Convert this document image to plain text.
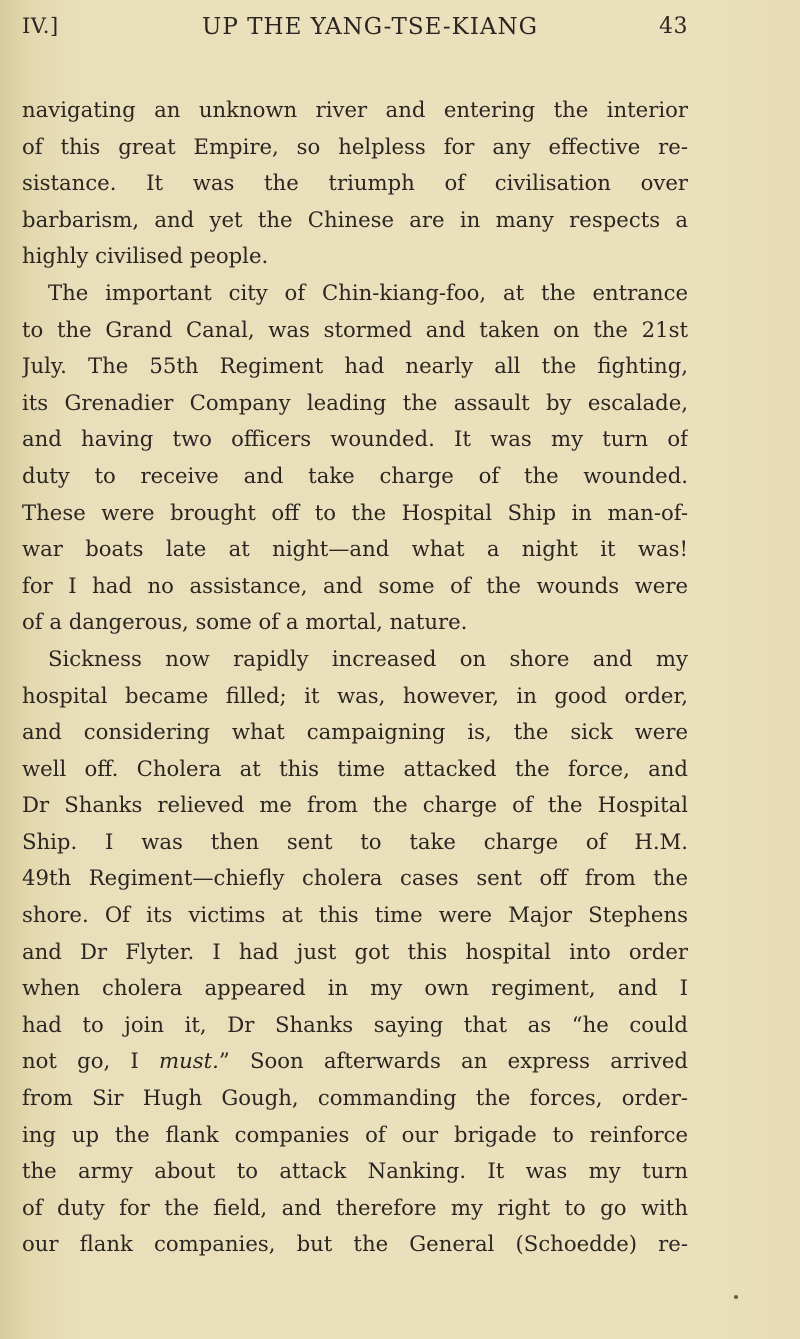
IV.]	UP THE YANG-TSE-KIANG	43
navigating an unknown river and entering the interior
of this great Empire, so helpless for any effective re-
sistance. It was the triumph of civilisation over
barbarism, and yet the Chinese are in many respects a
highly civilised people.
The important city of Chin-kiang-foo, at the entrance
to the Grand Canal, was stormed and taken on the 21st
July. The 55th Regiment had nearly all the fighting,
its Grenadier Company leading the assault by escalade,
and having two officers wounded. It was my turn of
duty to receive and take charge of the wounded.
These were brought off to the Hospital Ship in man-of-
war boats late at night—and what a night it was!
for I had no assistance, and some of the wounds were
of a dangerous, some of a mortal, nature.
Sickness now rapidly increased on shore and my
hospital became filled; it was, however, in good order,
and considering what campaigning is, the sick were
well off. Cholera at this time attacked the force, and
Dr Shanks relieved me from the charge of the Hospital
Ship. I was then sent to take charge of H.M.
49th Regiment—chiefly cholera cases sent off from the
shore. Of its victims at this time were Major Stephens
and Dr Flyter. I had just got this hospital into order
when cholera appeared in my own regiment, and I
had to join it, Dr Shanks saying that as “he could
not go, I must.” Soon afterwards an express arrived
from Sir Hugh Gough, commanding the forces, order-
ing up the flank companies of our brigade to reinforce
the army about to attack Nanking. It was my turn
of duty for the field, and therefore my right to go with
our flank companies, but the General (Schoedde) re-
